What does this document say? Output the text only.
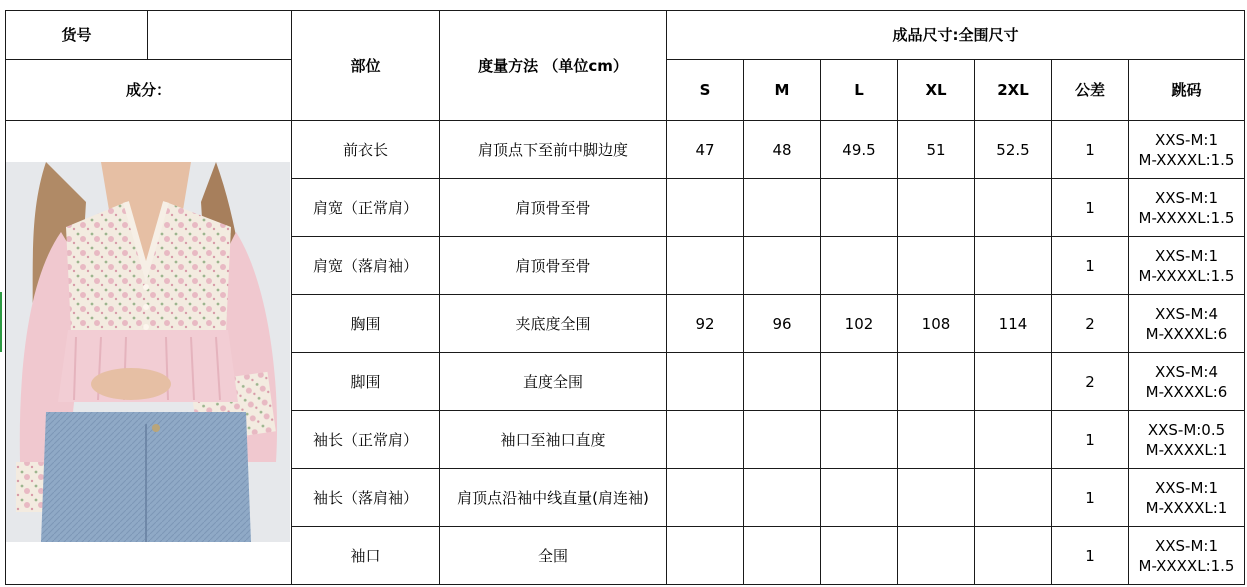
货号		部位	度量方法 （单位cm）	成品尺寸:全围尺寸						
成分：				S	M	L	XL	2XL	公差	跳码

	前衣长	肩顶点下至前中脚边度	47	48	49.5	51	52.5	1	XXS-M:1
M-XXXXL:1.5

		肩宽（正常肩）	肩顶骨至骨						1	XXS-M:1
M-XXXXL:1.5

		肩宽（落肩袖）	肩顶骨至骨						1	XXS-M:1
M-XXXXL:1.5

		胸围	夹底度全围	92	96	102	108	114	2	XXS-M:4
M-XXXXL:6

		脚围	直度全围						2	XXS-M:4
M-XXXXL:6

		袖长（正常肩）	袖口至袖口直度						1	XXS-M:0.5
M-XXXXL:1

		袖长（落肩袖）	肩顶点沿袖中线直量(肩连袖)						1	XXS-M:1
M-XXXXL:1

		袖口	全围						1	XXS-M:1
M-XXXXL:1.5
